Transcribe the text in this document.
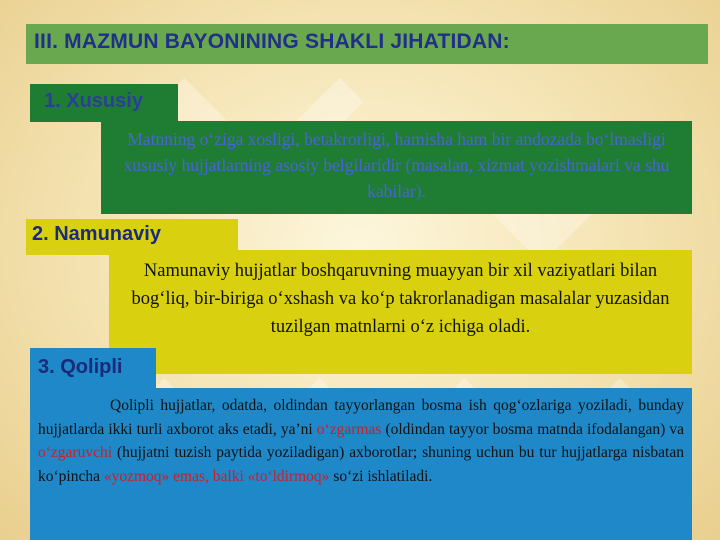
III. MAZMUN BAYONINING SHAKLI JIHATIDAN:
Matnning o‘ziga xosligi, betakrorligi, hamisha ham bir andozada bo‘lmasligi xususiy hujjatlarning asosiy belgilaridir (masalan, xizmat yozishmalari va shu kabilar).
1. Xususiy
Namunaviy hujjatlar boshqaruvning muayyan bir xil vaziyatlari bilan bog‘liq, bir-biriga o‘xshash va ko‘p takrorlanadigan masalalar yuzasidan tuzilgan matnlarni o‘z ichiga oladi.
2. Namunaviy
3. Qolipli

Qolipli hujjatlar, odatda, oldindan tayyorlangan bosma ish qog‘ozlariga yoziladi, bunday hujjatlarda ikki turli axborot aks etadi, ya’ni o‘zgarmas (oldindan tayyor bosma matnda ifodalangan) va o‘zgaruvchi (hujjatni tuzish paytida yoziladigan) axborotlar; shuning uchun bu tur hujjatlarga nisbatan ko‘pincha «yozmoq» emas, balki «to‘ldirmoq» so‘zi ishlatiladi.
